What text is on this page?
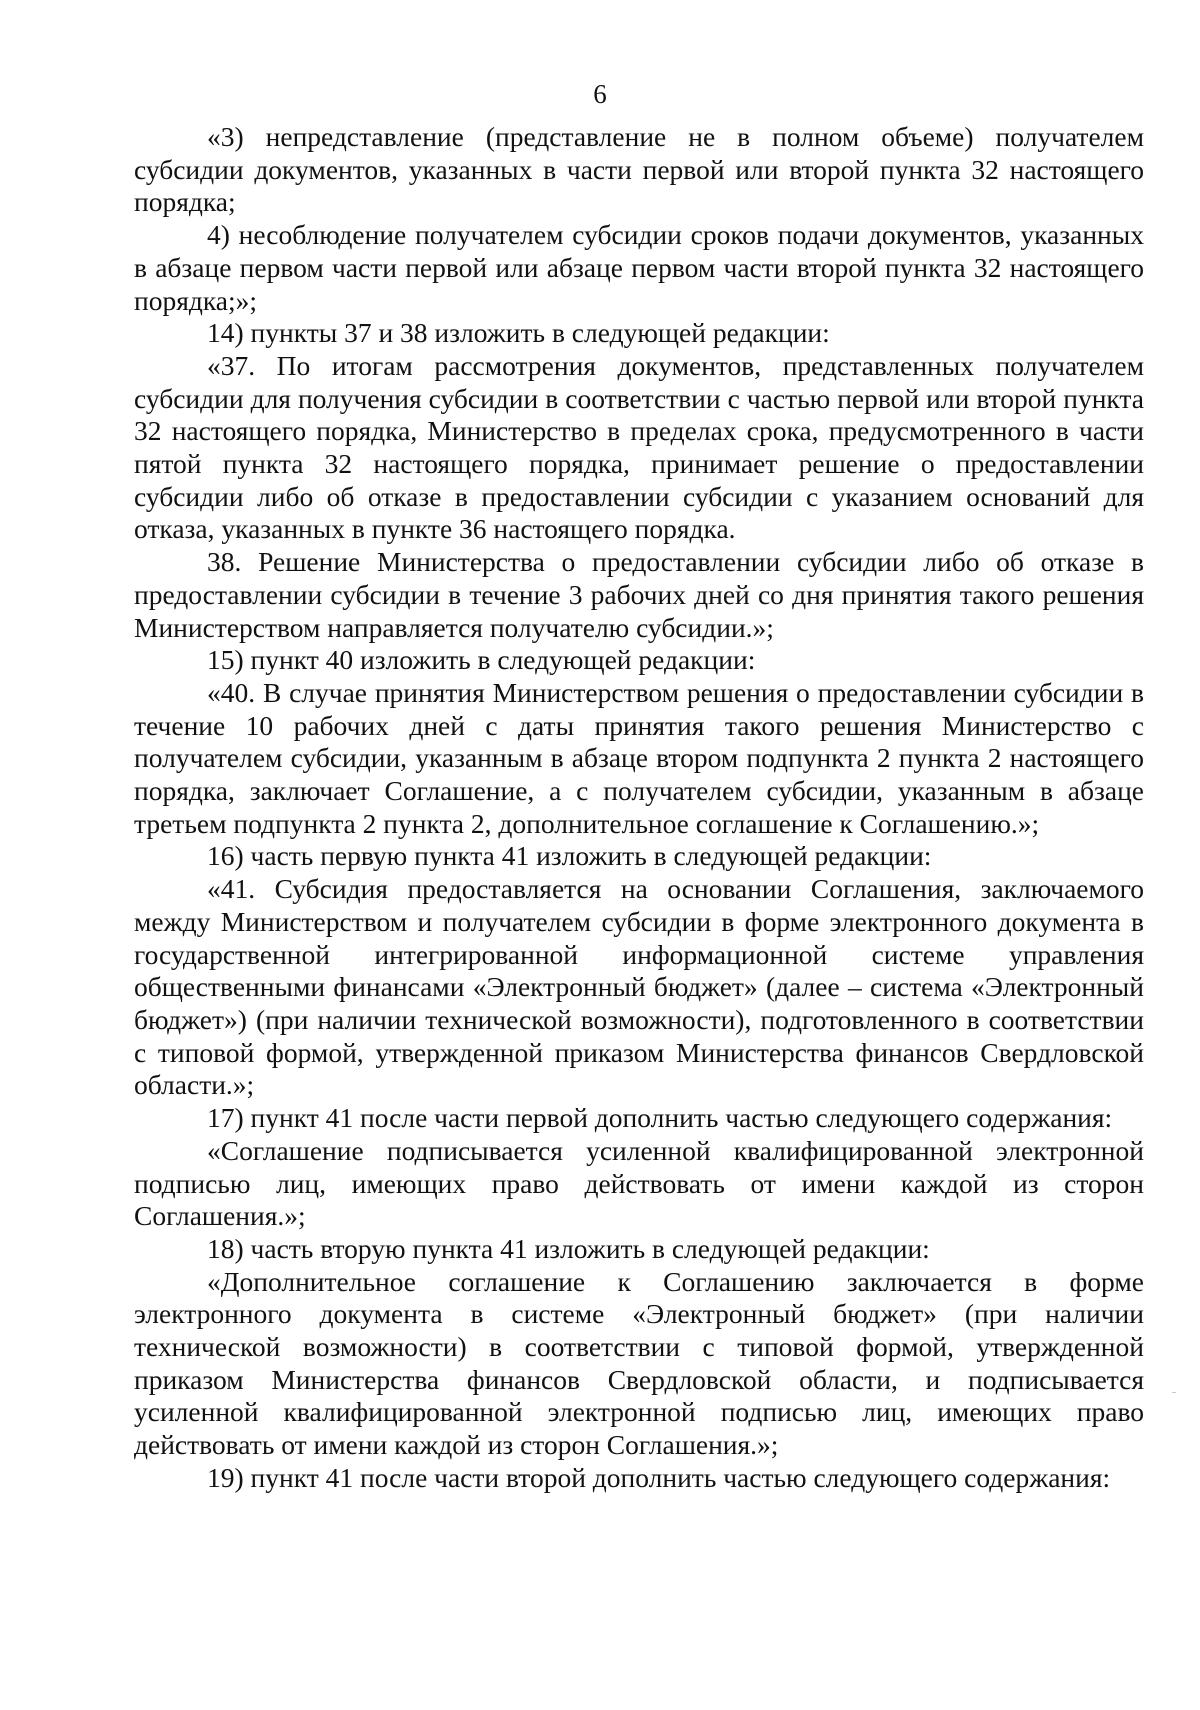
6

«3) непредставление (представление не в полном объеме) получателем субсидии документов, указанных в части первой или второй пункта 32 настоящего порядка;

4) несоблюдение получателем субсидии сроков подачи документов, указанных в абзаце первом части первой или абзаце первом части второй пункта 32 настоящего порядка;»;

14) пункты 37 и 38 изложить в следующей редакции:

«37. По итогам рассмотрения документов, представленных получателем субсидии для получения субсидии в соответствии с частью первой или второй пункта 32 настоящего порядка, Министерство в пределах срока, предусмотренного в части пятой пункта 32 настоящего порядка, принимает решение о предоставлении субсидии либо об отказе в предоставлении субсидии с указанием оснований для отказа, указанных в пункте 36 настоящего порядка.

38. Решение Министерства о предоставлении субсидии либо об отказе в предоставлении субсидии в течение 3 рабочих дней со дня принятия такого решения Министерством направляется получателю субсидии.»;

15) пункт 40 изложить в следующей редакции:

«40. В случае принятия Министерством решения о предоставлении субсидии в течение 10 рабочих дней с даты принятия такого решения Министерство с получателем субсидии, указанным в абзаце втором подпункта 2 пункта 2 настоящего порядка, заключает Соглашение, а с получателем субсидии, указанным в абзаце третьем подпункта 2 пункта 2, дополнительное соглашение к Соглашению.»;

16) часть первую пункта 41 изложить в следующей редакции:

«41. Субсидия предоставляется на основании Соглашения, заключаемого между Министерством и получателем субсидии в форме электронного документа в государственной интегрированной информационной системе управления общественными финансами «Электронный бюджет» (далее – система «Электронный бюджет») (при наличии технической возможности), подготовленного в соответствии с типовой формой, утвержденной приказом Министерства финансов Свердловской области.»;

17) пункт 41 после части первой дополнить частью следующего содержания:

«Соглашение подписывается усиленной квалифицированной электронной подписью лиц, имеющих право действовать от имени каждой из сторон Соглашения.»;

18) часть вторую пункта 41 изложить в следующей редакции:

«Дополнительное соглашение к Соглашению заключается в форме электронного документа в системе «Электронный бюджет» (при наличии технической возможности) в соответствии с типовой формой, утвержденной приказом Министерства финансов Свердловской области, и подписывается усиленной квалифицированной электронной подписью лиц, имеющих право действовать от имени каждой из сторон Соглашения.»;

19) пункт 41 после части второй дополнить частью следующего содержания:
